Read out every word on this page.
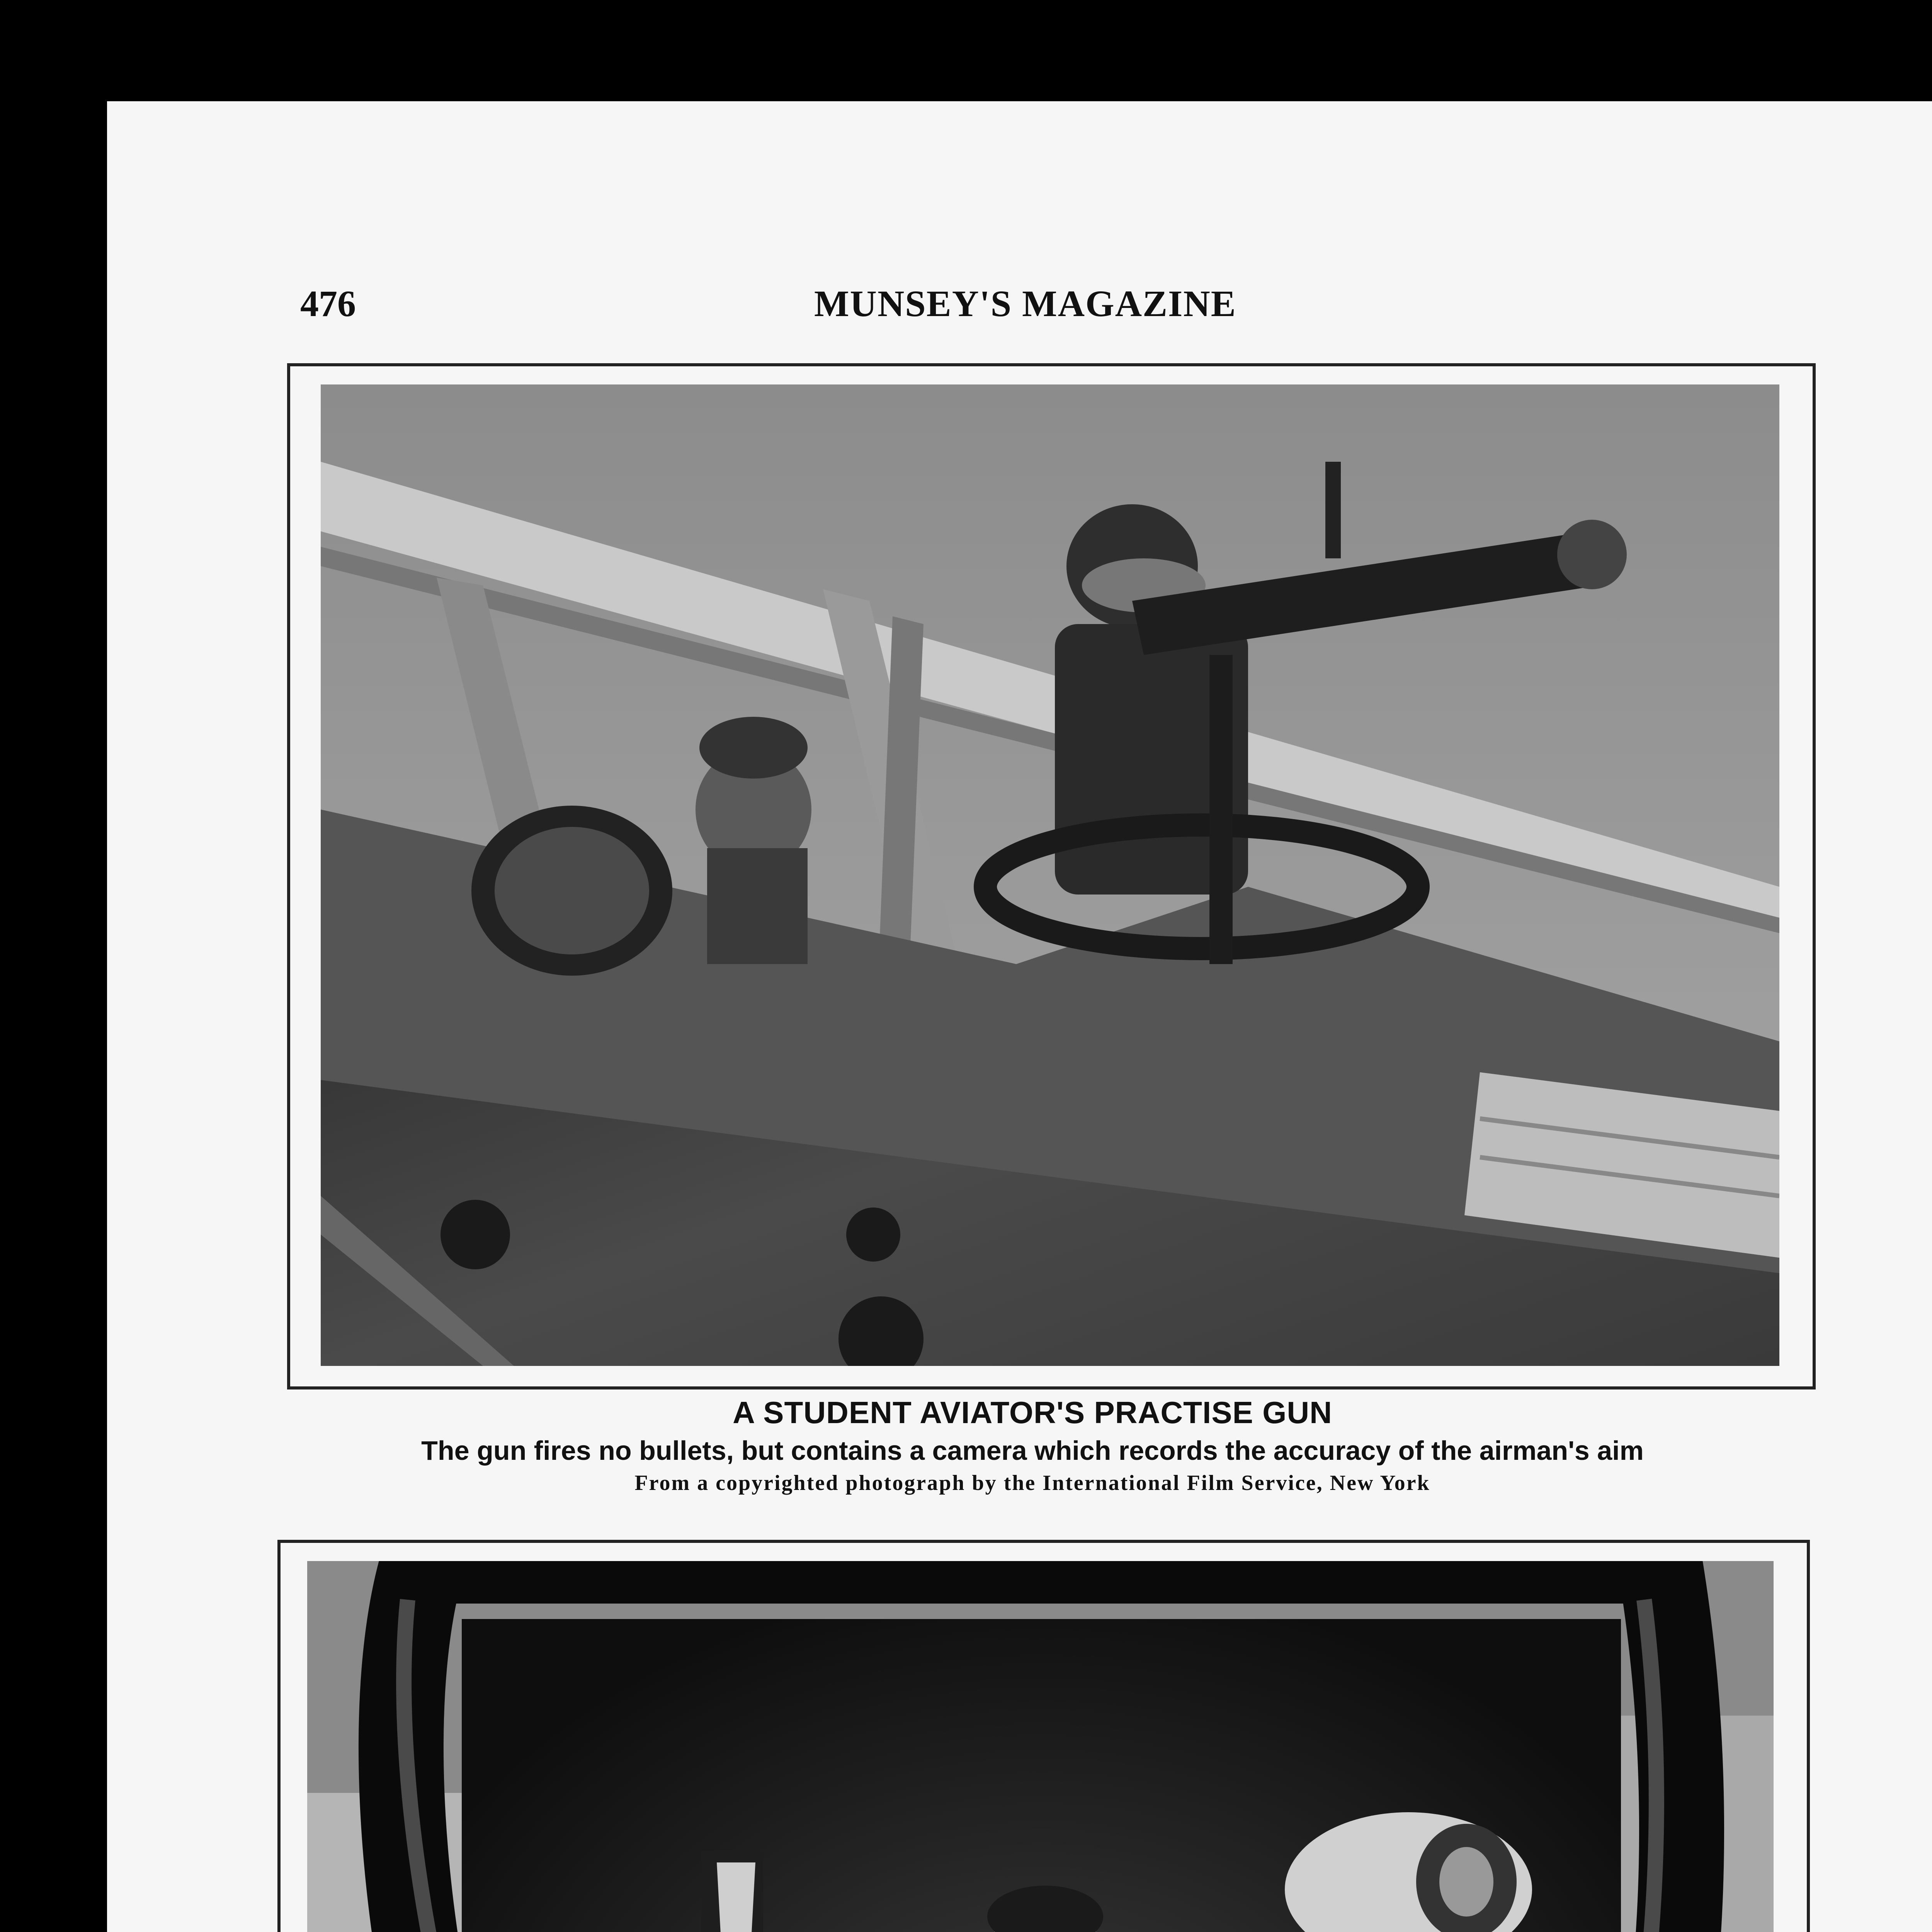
476	MUNSEY'S MAGAZINE
A STUDENT AVIATOR'S PRACTISE GUN
The gun fires no bullets, but contains a camera which records the accuracy of the airman's aim
From a copyrighted photograph by the International Film Service, New York
